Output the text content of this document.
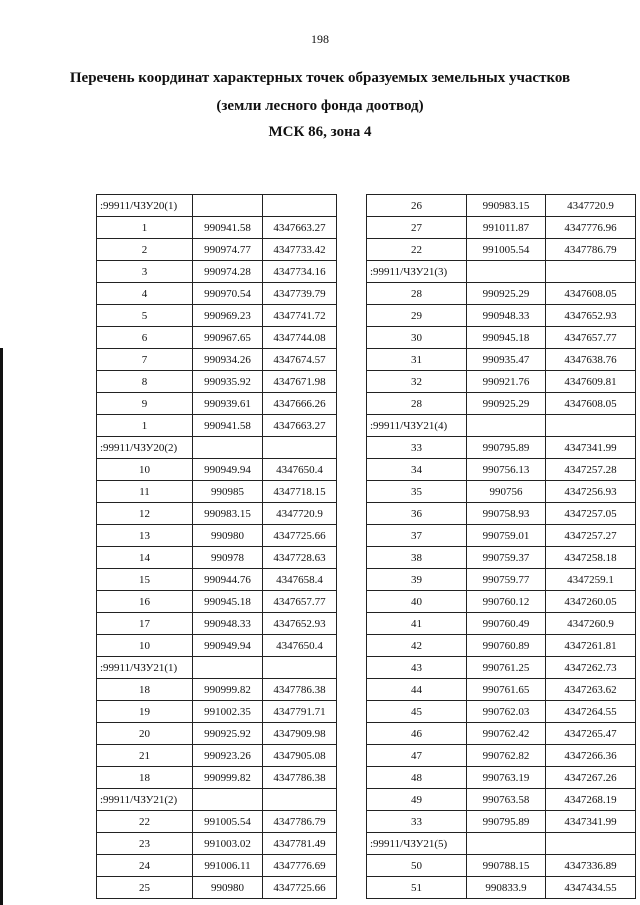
198
Перечень координат характерных точек образуемых земельных участков
(земли лесного фонда доотвод)
МСК 86, зона 4
:99911/ЧЗУ20(1)		
1	990941.58	4347663.27
2	990974.77	4347733.42
3	990974.28	4347734.16
4	990970.54	4347739.79
5	990969.23	4347741.72
6	990967.65	4347744.08
7	990934.26	4347674.57
8	990935.92	4347671.98
9	990939.61	4347666.26
1	990941.58	4347663.27
:99911/ЧЗУ20(2)		
10	990949.94	4347650.4
11	990985	4347718.15
12	990983.15	4347720.9
13	990980	4347725.66
14	990978	4347728.63
15	990944.76	4347658.4
16	990945.18	4347657.77
17	990948.33	4347652.93
10	990949.94	4347650.4
:99911/ЧЗУ21(1)		
18	990999.82	4347786.38
19	991002.35	4347791.71
20	990925.92	4347909.98
21	990923.26	4347905.08
18	990999.82	4347786.38
:99911/ЧЗУ21(2)		
22	991005.54	4347786.79
23	991003.02	4347781.49
24	991006.11	4347776.69
25	990980	4347725.66
26	990983.15	4347720.9
27	991011.87	4347776.96
22	991005.54	4347786.79
:99911/ЧЗУ21(3)		
28	990925.29	4347608.05
29	990948.33	4347652.93
30	990945.18	4347657.77
31	990935.47	4347638.76
32	990921.76	4347609.81
28	990925.29	4347608.05
:99911/ЧЗУ21(4)		
33	990795.89	4347341.99
34	990756.13	4347257.28
35	990756	4347256.93
36	990758.93	4347257.05
37	990759.01	4347257.27
38	990759.37	4347258.18
39	990759.77	4347259.1
40	990760.12	4347260.05
41	990760.49	4347260.9
42	990760.89	4347261.81
43	990761.25	4347262.73
44	990761.65	4347263.62
45	990762.03	4347264.55
46	990762.42	4347265.47
47	990762.82	4347266.36
48	990763.19	4347267.26
49	990763.58	4347268.19
33	990795.89	4347341.99
:99911/ЧЗУ21(5)		
50	990788.15	4347336.89
51	990833.9	4347434.55
